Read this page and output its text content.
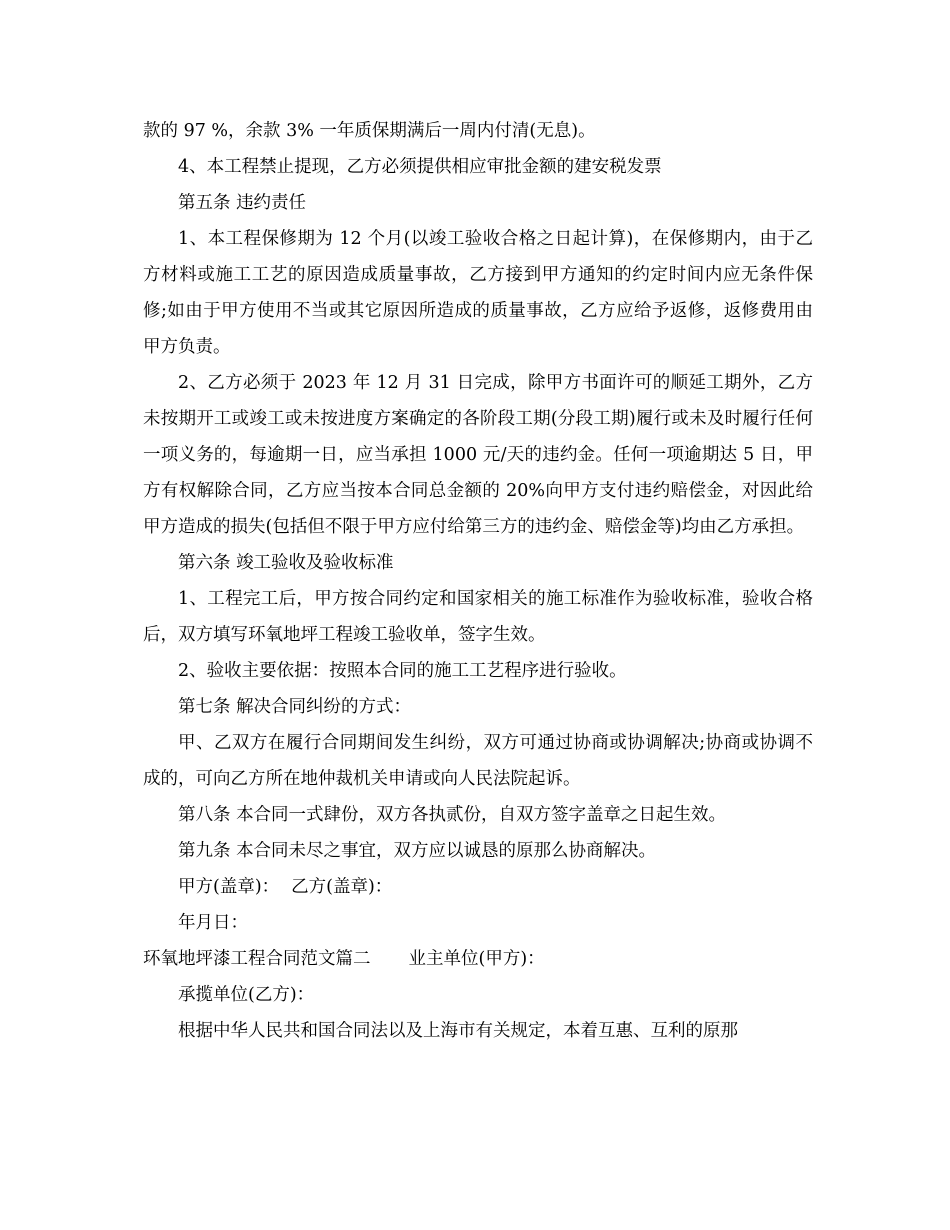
款的 97 %，余款 3% 一年质保期满后一周内付清(无息)。

4、本工程禁止提现，乙方必须提供相应审批金额的建安税发票

第五条 违约责任

1、本工程保修期为 12 个月(以竣工验收合格之日起计算)，在保修期内，由于乙方材料或施工工艺的原因造成质量事故，乙方接到甲方通知的约定时间内应无条件保修;如由于甲方使用不当或其它原因所造成的质量事故，乙方应给予返修，返修费用由甲方负责。

2、乙方必须于 2023 年 12 月 31 日完成，除甲方书面许可的顺延工期外，乙方未按期开工或竣工或未按进度方案确定的各阶段工期(分段工期)履行或未及时履行任何一项义务的，每逾期一日，应当承担 1000 元/天的违约金。任何一项逾期达 5 日，甲方有权解除合同，乙方应当按本合同总金额的 20%向甲方支付违约赔偿金，对因此给甲方造成的损失(包括但不限于甲方应付给第三方的违约金、赔偿金等)均由乙方承担。

第六条 竣工验收及验收标准

1、工程完工后，甲方按合同约定和国家相关的施工标准作为验收标准，验收合格后，双方填写环氧地坪工程竣工验收单，签字生效。

2、验收主要依据：按照本合同的施工工艺程序进行验收。

第七条 解决合同纠纷的方式：

甲、乙双方在履行合同期间发生纠纷，双方可通过协商或协调解决;协商或协调不成的，可向乙方所在地仲裁机关申请或向人民法院起诉。

第八条 本合同一式肆份，双方各执贰份，自双方签字盖章之日起生效。

第九条 本合同未尽之事宜，双方应以诚恳的原那么协商解决。

甲方(盖章)： 乙方(盖章)：

年月日：

环氧地坪漆工程合同范文篇二 业主单位(甲方)：

承揽单位(乙方)：

根据中华人民共和国合同法以及上海市有关规定，本着互惠、互利的原那
